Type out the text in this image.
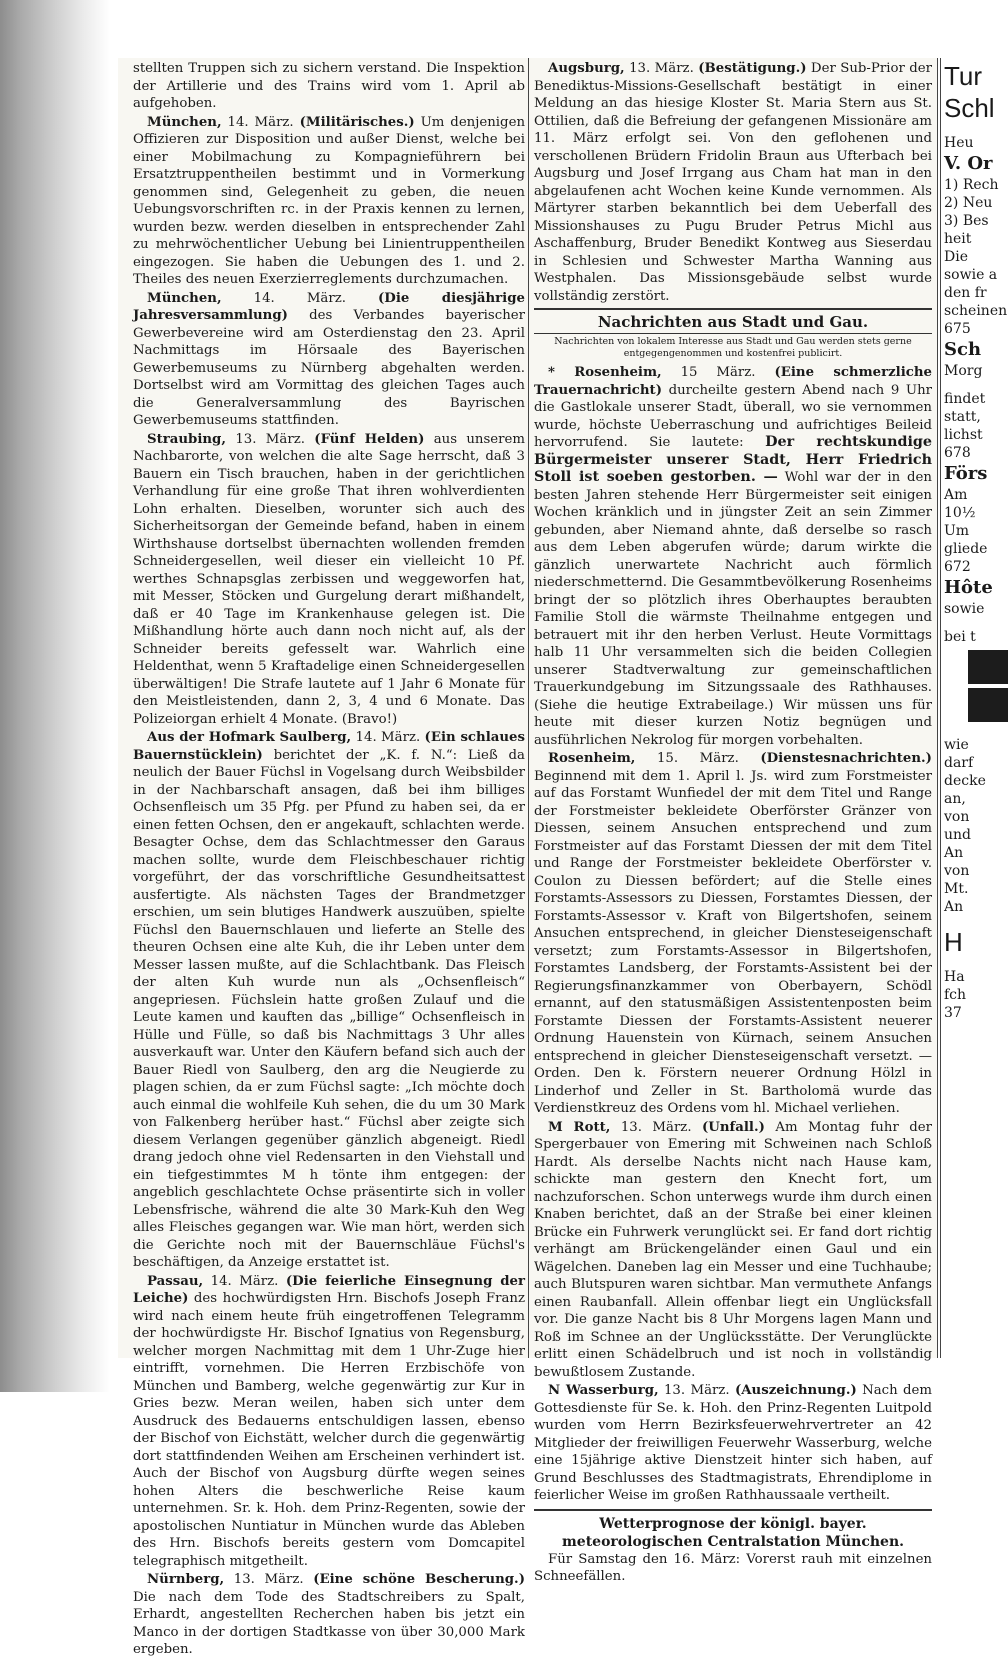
stellten Truppen sich zu sichern verstand. Die Inspektion der Artillerie und des Trains wird vom 1. April ab aufgehoben.

München, 14. März. (Militärisches.) Um denjenigen Offizieren zur Disposition und außer Dienst, welche bei einer Mobilmachung zu Kompagnieführern bei Ersatztruppentheilen bestimmt und in Vormerkung genommen sind, Gelegenheit zu geben, die neuen Uebungsvorschriften rc. in der Praxis kennen zu lernen, wurden bezw. werden dieselben in entsprechender Zahl zu mehrwöchentlicher Uebung bei Linientruppentheilen eingezogen. Sie haben die Uebungen des 1. und 2. Theiles des neuen Exerzierreglements durchzumachen.

München, 14. März. (Die diesjährige Jahresversammlung) des Verbandes bayerischer Gewerbevereine wird am Osterdienstag den 23. April Nachmittags im Hörsaale des Bayerischen Gewerbemuseums zu Nürnberg abgehalten werden. Dortselbst wird am Vormittag des gleichen Tages auch die Generalversammlung des Bayrischen Gewerbemuseums stattfinden.

Straubing, 13. März. (Fünf Helden) aus unserem Nachbarorte, von welchen die alte Sage herrscht, daß 3 Bauern ein Tisch brauchen, haben in der gerichtlichen Verhandlung für eine große That ihren wohlverdienten Lohn erhalten. Dieselben, worunter sich auch des Sicherheitsorgan der Gemeinde befand, haben in einem Wirthshause dortselbst übernachten wollenden fremden Schneidergesellen, weil dieser ein vielleicht 10 Pf. werthes Schnapsglas zerbissen und weggeworfen hat, mit Messer, Stöcken und Gurgelung derart mißhandelt, daß er 40 Tage im Krankenhause gelegen ist. Die Mißhandlung hörte auch dann noch nicht auf, als der Schneider bereits gefesselt war. Wahrlich eine Heldenthat, wenn 5 Kraftadelige einen Schneidergesellen überwältigen! Die Strafe lautete auf 1 Jahr 6 Monate für den Meistleistenden, dann 2, 3, 4 und 6 Monate. Das Polizeiorgan erhielt 4 Monate. (Bravo!)

Aus der Hofmark Saulberg, 14. März. (Ein schlaues Bauernstücklein) berichtet der „K. f. N.“: Ließ da neulich der Bauer Füchsl in Vogelsang durch Weibsbilder in der Nachbarschaft ansagen, daß bei ihm billiges Ochsenfleisch um 35 Pfg. per Pfund zu haben sei, da er einen fetten Ochsen, den er angekauft, schlachten werde. Besagter Ochse, dem das Schlachtmesser den Garaus machen sollte, wurde dem Fleischbeschauer richtig vorgeführt, der das vorschriftliche Gesundheitsattest ausfertigte. Als nächsten Tages der Brandmetzger erschien, um sein blutiges Handwerk auszuüben, spielte Füchsl den Bauernschlauen und lieferte an Stelle des theuren Ochsen eine alte Kuh, die ihr Leben unter dem Messer lassen mußte, auf die Schlachtbank. Das Fleisch der alten Kuh wurde nun als „Ochsenfleisch“ angepriesen. Füchslein hatte großen Zulauf und die Leute kamen und kauften das „billige“ Ochsenfleisch in Hülle und Fülle, so daß bis Nachmittags 3 Uhr alles ausverkauft war. Unter den Käufern befand sich auch der Bauer Riedl von Saulberg, den arg die Neugierde zu plagen schien, da er zum Füchsl sagte: „Ich möchte doch auch einmal die wohlfeile Kuh sehen, die du um 30 Mark von Falkenberg herüber hast.“ Füchsl aber zeigte sich diesem Verlangen gegenüber gänzlich abgeneigt. Riedl drang jedoch ohne viel Redensarten in den Viehstall und ein tiefgestimmtes M h tönte ihm entgegen: der angeblich geschlachtete Ochse präsentirte sich in voller Lebensfrische, während die alte 30 Mark-Kuh den Weg alles Fleisches gegangen war. Wie man hört, werden sich die Gerichte noch mit der Bauernschläue Füchsl's beschäftigen, da Anzeige erstattet ist.

Passau, 14. März. (Die feierliche Einsegnung der Leiche) des hochwürdigsten Hrn. Bischofs Joseph Franz wird nach einem heute früh eingetroffenen Telegramm der hochwürdigste Hr. Bischof Ignatius von Regensburg, welcher morgen Nachmittag mit dem 1 Uhr-Zuge hier eintrifft, vornehmen. Die Herren Erzbischöfe von München und Bamberg, welche gegenwärtig zur Kur in Gries bezw. Meran weilen, haben sich unter dem Ausdruck des Bedauerns entschuldigen lassen, ebenso der Bischof von Eichstätt, welcher durch die gegenwärtig dort stattfindenden Weihen am Erscheinen verhindert ist. Auch der Bischof von Augsburg dürfte wegen seines hohen Alters die beschwerliche Reise kaum unternehmen. Sr. k. Hoh. dem Prinz-Regenten, sowie der apostolischen Nuntiatur in München wurde das Ableben des Hrn. Bischofs bereits gestern vom Domcapitel telegraphisch mitgetheilt.

Nürnberg, 13. März. (Eine schöne Bescherung.) Die nach dem Tode des Stadtschreibers zu Spalt, Erhardt, angestellten Recherchen haben bis jetzt ein Manco in der dortigen Stadtkasse von über 30,000 Mark ergeben.

Augsburg, 13. März. (Bestätigung.) Der Sub-Prior der Benediktus-Missions-Gesellschaft bestätigt in einer Meldung an das hiesige Kloster St. Maria Stern aus St. Ottilien, daß die Befreiung der gefangenen Missionäre am 11. März erfolgt sei. Von den geflohenen und verschollenen Brüdern Fridolin Braun aus Ufterbach bei Augsburg und Josef Irrgang aus Cham hat man in den abgelaufenen acht Wochen keine Kunde vernommen. Als Märtyrer starben bekanntlich bei dem Ueberfall des Missionshauses zu Pugu Bruder Petrus Michl aus Aschaffenburg, Bruder Benedikt Kontweg aus Sieserdau in Schlesien und Schwester Martha Wanning aus Westphalen. Das Missionsgebäude selbst wurde vollständig zerstört.

Nachrichten aus Stadt und Gau.
Nachrichten von lokalem Interesse aus Stadt und Gau werden stets gerne entgegengenommen und kostenfrei publicirt.

* Rosenheim, 15 März. (Eine schmerzliche Trauernachricht) durcheilte gestern Abend nach 9 Uhr die Gastlokale unserer Stadt, überall, wo sie vernommen wurde, höchste Ueberraschung und aufrichtiges Beileid hervorrufend. Sie lautete: Der rechtskundige Bürgermeister unserer Stadt, Herr Friedrich Stoll ist soeben gestorben. — Wohl war der in den besten Jahren stehende Herr Bürgermeister seit einigen Wochen kränklich und in jüngster Zeit an sein Zimmer gebunden, aber Niemand ahnte, daß derselbe so rasch aus dem Leben abgerufen würde; darum wirkte die gänzlich unerwartete Nachricht auch förmlich niederschmetternd. Die Gesammtbevölkerung Rosenheims bringt der so plötzlich ihres Oberhauptes beraubten Familie Stoll die wärmste Theilnahme entgegen und betrauert mit ihr den herben Verlust. Heute Vormittags halb 11 Uhr versammelten sich die beiden Collegien unserer Stadtverwaltung zur gemeinschaftlichen Trauerkundgebung im Sitzungssaale des Rathhauses. (Siehe die heutige Extrabeilage.) Wir müssen uns für heute mit dieser kurzen Notiz begnügen und ausführlichen Nekrolog für morgen vorbehalten.

Rosenheim, 15. März. (Dienstesnachrichten.) Beginnend mit dem 1. April l. Js. wird zum Forstmeister auf das Forstamt Wunfiedel der mit dem Titel und Range der Forstmeister bekleidete Oberförster Gränzer von Diessen, seinem Ansuchen entsprechend und zum Forstmeister auf das Forstamt Diessen der mit dem Titel und Range der Forstmeister bekleidete Oberförster v. Coulon zu Diessen befördert; auf die Stelle eines Forstamts-Assessors zu Diessen, Forstamtes Diessen, der Forstamts-Assessor v. Kraft von Bilgertshofen, seinem Ansuchen entsprechend, in gleicher Diensteseigenschaft versetzt; zum Forstamts-Assessor in Bilgertshofen, Forstamtes Landsberg, der Forstamts-Assistent bei der Regierungsfinanzkammer von Oberbayern, Schödl ernannt, auf den statusmäßigen Assistentenposten beim Forstamte Diessen der Forstamts-Assistent neuerer Ordnung Hauenstein von Kürnach, seinem Ansuchen entsprechend in gleicher Diensteseigenschaft versetzt. — Orden. Den k. Förstern neuerer Ordnung Hölzl in Linderhof und Zeller in St. Bartholomä wurde das Verdienstkreuz des Ordens vom hl. Michael verliehen.

M Rott, 13. März. (Unfall.) Am Montag fuhr der Spergerbauer von Emering mit Schweinen nach Schloß Hardt. Als derselbe Nachts nicht nach Hause kam, schickte man gestern den Knecht fort, um nachzuforschen. Schon unterwegs wurde ihm durch einen Knaben berichtet, daß an der Straße bei einer kleinen Brücke ein Fuhrwerk verunglückt sei. Er fand dort richtig verhängt am Brückengeländer einen Gaul und ein Wägelchen. Daneben lag ein Messer und eine Tuchhaube; auch Blutspuren waren sichtbar. Man vermuthete Anfangs einen Raubanfall. Allein offenbar liegt ein Unglücksfall vor. Die ganze Nacht bis 8 Uhr Morgens lagen Mann und Roß im Schnee an der Unglücksstätte. Der Verunglückte erlitt einen Schädelbruch und ist noch in vollständig bewußtlosem Zustande.

N Wasserburg, 13. März. (Auszeichnung.) Nach dem Gottesdienste für Se. k. Hoh. den Prinz-Regenten Luitpold wurden vom Herrn Bezirksfeuerwehrvertreter an 42 Mitglieder der freiwilligen Feuerwehr Wasserburg, welche eine 15jährige aktive Dienstzeit hinter sich haben, auf Grund Beschlusses des Stadtmagistrats, Ehrendiplome in feierlicher Weise im großen Rathhaussaale vertheilt.

Wetterprognose der königl. bayer. meteorologischen Centralstation München.

Für Samstag den 16. März: Vorerst rauh mit einzelnen Schneefällen.

Tur
Schl
Heu
V. Or
1) Rech
2) Neu
3) Bes
heit
Die
sowie a
den fr
scheinen
675
Sch
Morg
findet
statt,
lichst
678
Förs
Am
10½
Um
gliede
672
Hôte
sowie
bei t
wie
darf
decke
an,
von
und
An
von
Mt.
An
H
Ha
fch
37
